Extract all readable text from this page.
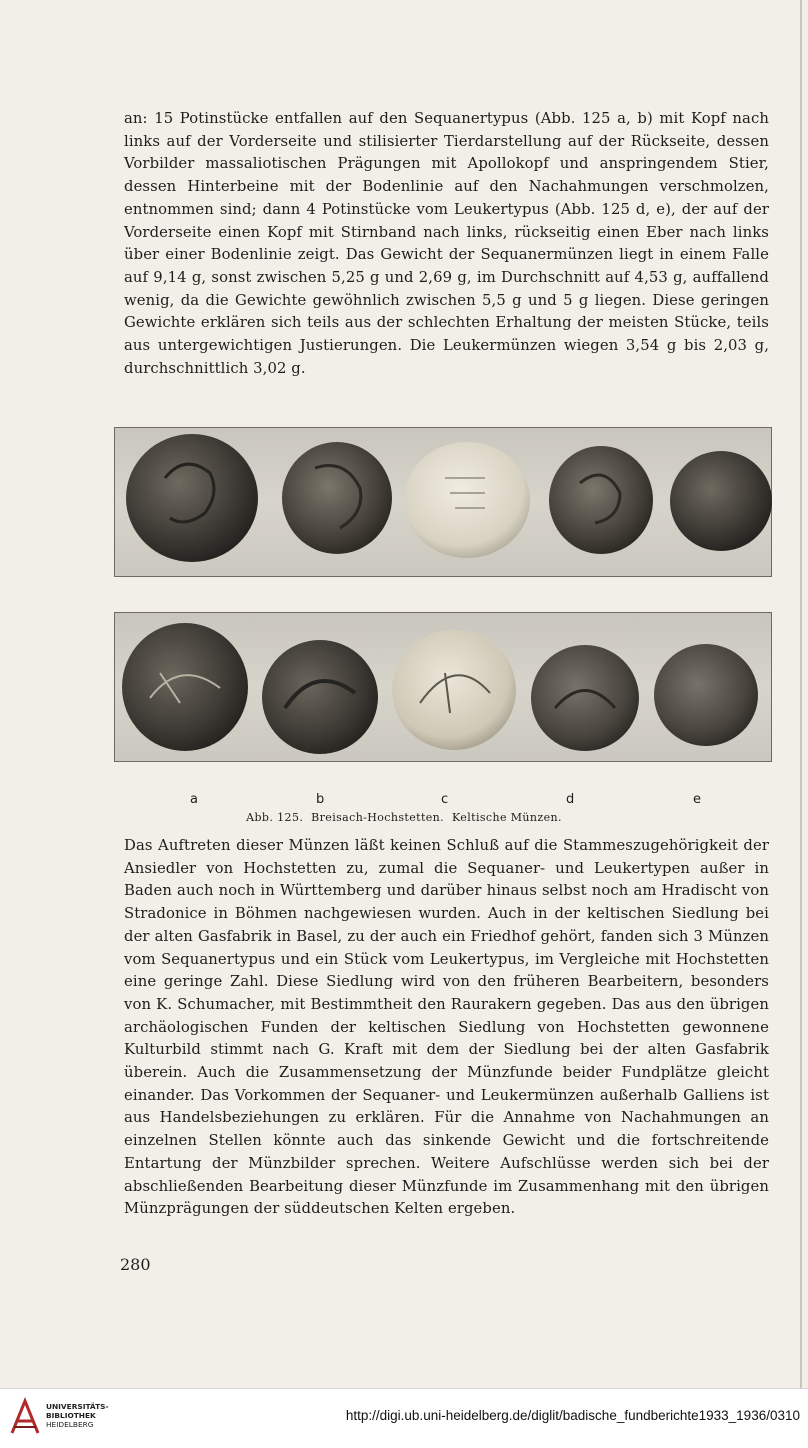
an: 15 Potinstücke entfallen auf den Sequanertypus (Abb. 125 a, b) mit Kopf nach links auf der Vorderseite und stilisierter Tierdarstellung auf der Rückseite, dessen Vorbilder massaliotischen Prägungen mit Apollokopf und anspringendem Stier, dessen Hinterbeine mit der Bodenlinie auf den Nachahmungen verschmolzen, entnommen sind; dann 4 Potinstücke vom Leukertypus (Abb. 125 d, e), der auf der Vorderseite einen Kopf mit Stirnband nach links, rückseitig einen Eber nach links über einer Bodenlinie zeigt. Das Gewicht der Sequanermünzen liegt in einem Falle auf 9,14 g, sonst zwischen 5,25 g und 2,69 g, im Durchschnitt auf 4,53 g, auffallend wenig, da die Gewichte gewöhnlich zwischen 5,5 g und 5 g liegen. Diese geringen Gewichte erklären sich teils aus der schlechten Erhaltung der meisten Stücke, teils aus untergewichtigen Justierungen. Die Leukermünzen wiegen 3,54 g bis 2,03 g, durchschnittlich 3,02 g.
a	b	c	d	e
Abb. 125. Breisach-Hochstetten. Keltische Münzen.
Das Auftreten dieser Münzen läßt keinen Schluß auf die Stammeszugehörigkeit der Ansiedler von Hochstetten zu, zumal die Sequaner- und Leukertypen außer in Baden auch noch in Württemberg und darüber hinaus selbst noch am Hradischt von Stradonice in Böhmen nachgewiesen wurden. Auch in der keltischen Siedlung bei der alten Gasfabrik in Basel, zu der auch ein Friedhof gehört, fanden sich 3 Münzen vom Sequanertypus und ein Stück vom Leukertypus, im Vergleiche mit Hochstetten eine geringe Zahl. Diese Siedlung wird von den früheren Bearbeitern, besonders von K. Schumacher, mit Bestimmtheit den Raurakern gegeben. Das aus den übrigen archäologischen Funden der keltischen Siedlung von Hochstetten gewonnene Kulturbild stimmt nach G. Kraft mit dem der Siedlung bei der alten Gasfabrik überein. Auch die Zusammensetzung der Münzfunde beider Fundplätze gleicht einander. Das Vorkommen der Sequaner- und Leukermünzen außerhalb Galliens ist aus Handelsbeziehungen zu erklären. Für die Annahme von Nachahmungen an einzelnen Stellen könnte auch das sinkende Gewicht und die fortschreitende Entartung der Münzbilder sprechen. Weitere Aufschlüsse werden sich bei der abschließenden Bearbeitung dieser Münzfunde im Zusammenhang mit den übrigen Münzprägungen der süddeutschen Kelten ergeben.
280
UNIVERSITÄTS-
BIBLIOTHEK
HEIDELBERG
http://digi.ub.uni-heidelberg.de/diglit/badische_fundberichte1933_1936/0310
